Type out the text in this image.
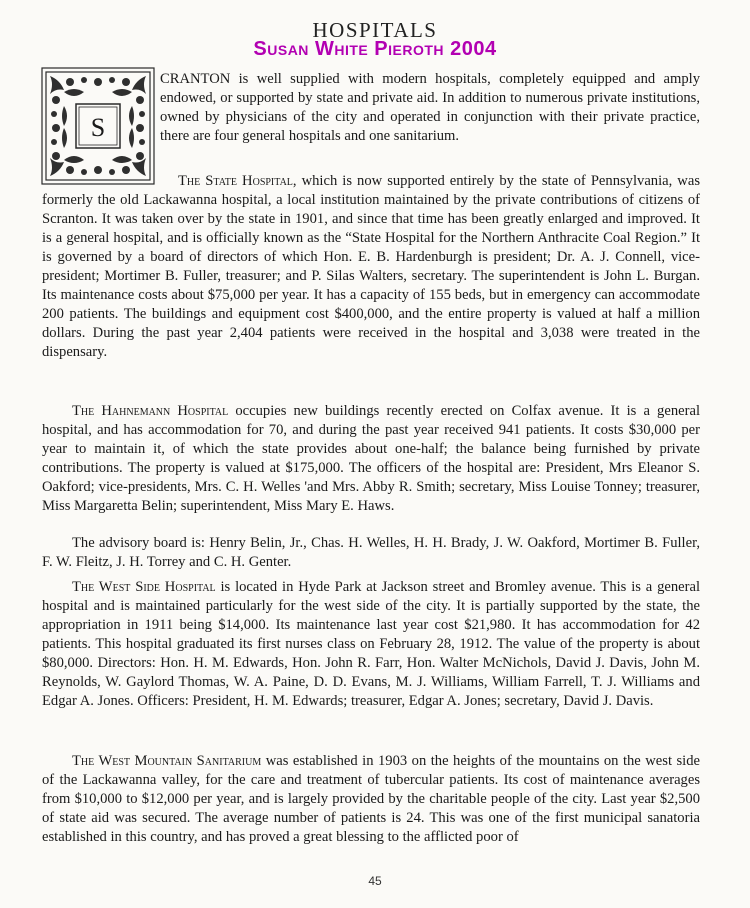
HOSPITALS
Susan White Pieroth 2004
S

CRANTON is well supplied with modern hospitals, completely equipped and amply endowed, or supported by state and private aid. In addition to numerous private institutions, owned by physicians of the city and operated in conjunction with their private practice, there are four general hospitals and one sanitarium.

The State Hospital, which is now supported entirely by the state of Pennsylvania, was formerly the old Lackawanna hospital, a local institution maintained by the private contributions of citizens of Scranton. It was taken over by the state in 1901, and since that time has been greatly enlarged and improved. It is a general hospital, and is officially known as the “State Hospital for the Northern Anthracite Coal Region.” It is governed by a board of directors of which Hon. E. B. Hardenburgh is president; Dr. A. J. Connell, vice-president; Mortimer B. Fuller, treasurer; and P. Silas Walters, secretary. The superintendent is John L. Burgan. Its maintenance costs about $75,000 per year. It has a capacity of 155 beds, but in emergency can accommodate 200 patients. The buildings and equipment cost $400,000, and the entire property is valued at half a million dollars. During the past year 2,404 patients were received in the hospital and 3,038 were treated in the dispensary.

The Hahnemann Hospital occupies new buildings recently erected on Colfax avenue. It is a general hospital, and has accommodation for 70, and during the past year received 941 patients. It costs $30,000 per year to maintain it, of which the state provides about one-half; the balance being furnished by private contributions. The property is valued at $175,000. The officers of the hospital are: President, Mrs Eleanor S. Oakford; vice-presidents, Mrs. C. H. Welles 'and Mrs. Abby R. Smith; secretary, Miss Louise Tonney; treasurer, Miss Margaretta Belin; superintendent, Miss Mary E. Haws.

The advisory board is: Henry Belin, Jr., Chas. H. Welles, H. H. Brady, J. W. Oakford, Mortimer B. Fuller, F. W. Fleitz, J. H. Torrey and C. H. Genter.

The West Side Hospital is located in Hyde Park at Jackson street and Bromley avenue. This is a general hospital and is maintained particularly for the west side of the city. It is partially supported by the state, the appropriation in 1911 being $14,000. Its maintenance last year cost $21,980. It has accommodation for 42 patients. This hospital graduated its first nurses class on February 28, 1912. The value of the property is about $80,000. Directors: Hon. H. M. Edwards, Hon. John R. Farr, Hon. Walter McNichols, David J. Davis, John M. Reynolds, W. Gaylord Thomas, W. A. Paine, D. D. Evans, M. J. Williams, William Farrell, T. J. Williams and Edgar A. Jones. Officers: President, H. M. Edwards; treasurer, Edgar A. Jones; secretary, David J. Davis.

The West Mountain Sanitarium was established in 1903 on the heights of the mountains on the west side of the Lackawanna valley, for the care and treatment of tubercular patients. Its cost of maintenance averages from $10,000 to $12,000 per year, and is largely provided by the charitable people of the city. Last year $2,500 of state aid was secured. The average number of patients is 24. This was one of the first municipal sanatoria established in this country, and has proved a great blessing to the afflicted poor of

45
